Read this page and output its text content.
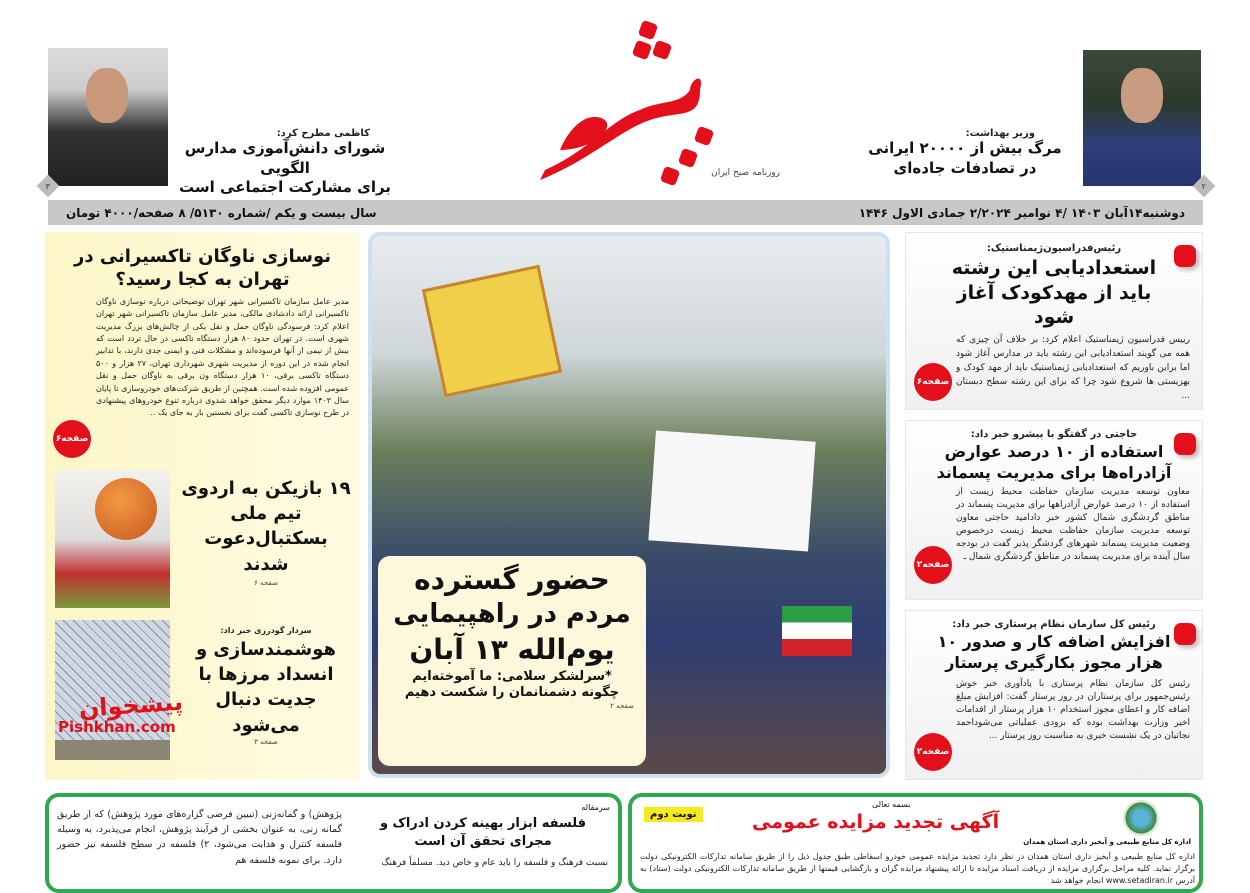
۳
کاظمی مطرح کرد:
شورای دانش‌آموزی مدارس الگویی
برای مشارکت اجتماعی است
روزنامه صبح ایران
وزیر بهداشت:
مرگ بیش از ۲۰۰۰۰ ایرانی
در تصادفات جاده‌ای
۲
سال بیست و یکم /شماره ۵۱۳۰/ ۸ صفحه/۴۰۰۰ تومان	دوشنبه۱۴آبان ۱۴۰۳ /۴ نوامبر ۲/۲۰۲۴ جمادی الاول ۱۴۴۶
رئیس‌فدراسیون‌ژیمناستیک:
استعدادیابی این رشته باید از مهدکودک آغاز شود
رییس فدراسیون ژیمناستیک اعلام کرد: بر خلاف آن چیزی که همه می گویند استعدادیابی این رشته باید در مدارس آغاز شود اما براین باوریم که استعدادیابی ژیمناستیک باید از مهد کودک و بهزیستی ها شروع شود چرا که برای این رشته سطح دبستان ...
صفحه۶
حاجتی در گفتگو با پیشرو خبر داد:
استفاده از ۱۰ درصد عوارض آزادراه‌ها برای مدیریت پسماند
معاون توسعه مدیریت سازمان حفاظت محیط زیست از استفاده از ۱۰ درصد عوارض آزادراهها برای مدیریت پسماند در مناطق گردشگری شمال کشور خبر دادامید حاجتی معاون توسعه مدیریت سازمان حفاظت محیط زیست درخصوص وضعیت مدیریت پسماند شهرهای گردشگر پذیر گفت در بودجه سال آینده برای مدیریت پسماند در مناطق گردشگری شمال ـ
صفحه۲
رئیس کل سازمان نظام پرستاری خبر داد:
افزایش اضافه کار و صدور ۱۰ هزار مجوز بکارگیری پرستار
رئیس کل سازمان نظام پرستاری با یادآوری خبر خوش رئیس‌جمهور برای پرستاران در روز پرستار گفت: افزایش مبلغ اضافه کار و اعطای مجوز استخدام ۱۰ هزار پرستار از اقدامات اخیر وزارت بهداشت بوده که بزودی عملیاتی می‌شوداحمد نجاتیان در یک نشست خبری به مناسبت روز پرستار ...
صفحه۲
حضور گسترده
مردم در راهپیمایی
یوم‌الله ۱۳ آبان
*سرلشکر سلامی: ما آموخته‌ایم چگونه دشمنانمان را شکست دهیم
صفحه ۲
نوسازی ناوگان تاکسیرانی در تهران به کجا رسید؟
مدیر عامل سازمان تاکسیرانی شهر تهران توضیحاتی درباره نوسازی ناوگان تاکسیرانی ارائه دادشادی مالکی، مدیر عامل سازمان تاکسیرانی شهر تهران اعلام کرد: فرسودگی ناوگان حمل و نقل یکی از چالش‌های بزرگ مدیریت شهری است. در تهران حدود ۸۰ هزار دستگاه تاکسی در حال تردد است که بیش از نیمی از آنها فرسوده‌اند و مشکلات فنی و ایمنی جدی دارند، با تدابیر انجام شده در این دوره از مدیریت شهری شهرداری تهران، ۲۷ هزار و ۵۰۰ دستگاه تاکسی برقی، ۱۰ هزار دستگاه ون برقی به ناوگان حمل و نقل عمومی افزوده شده است. همچنین از طریق شرکت‌های خودروسازی تا پایان سال ۱۴۰۳ موارد دیگر محقق خواهد شدوی درباره تنوع خودروهای پیشنهادی در طرح نوسازی تاکسی گفت برای نخستین بار به جای یک ..
صفحه۶
۱۹ بازیکن به اردوی تیم ملی بسکتبال‌دعوت شدند
صفحه ۶
سردار گودرزی خبر داد:
هوشمندسازی و انسداد مرزها با جدیت دنبال می‌شود
صفحه ۳
پیشخوان
Pishkhan.com
سرمقاله
فلسفه ابزار بهینه کردن ادراک و مجرای تحقق آن است
نسبت فرهنگ و فلسفه را باید عام و خاص دید. مسلماً فرهنگ
پژوهش) و گمانه‌زنی (تبیین فرضی گزاره‌های مورد پژوهش) که از طریق گمانه زنی، به عنوان بخشی از فرآیند پژوهش، انجام می‌پذیرد، به وسیله فلسفه کنترل و هدایت می‌شود، ۲) فلسفه در سطح فلسفه نیز حضور دارد. برای نمونه فلسفه هم
اداره کل منابع طبیعی و آبخیز داری استان همدان
بسمه تعالی
آگهی تجدید مزایده عمومی
نوبت دوم
اداره کل منابع طبیعی و آبخیز داری استان همدان در نظر دارد تجدید مزایده عمومی خودرو اسقاطی طبق جدول ذیل را از طریق سامانه تدارکات الکترونیکی دولت برگزار نماید. کلیه مراحل برگزاری مزایده از دریافت اسناد مزایده تا ارائه پیشنهاد مزایده گران و بازگشایی قیمتها از طریق سامانه تدارکات الکترونیکی دولت (ستاد) به آدرس www.setadiran.ir انجام خواهد شد
